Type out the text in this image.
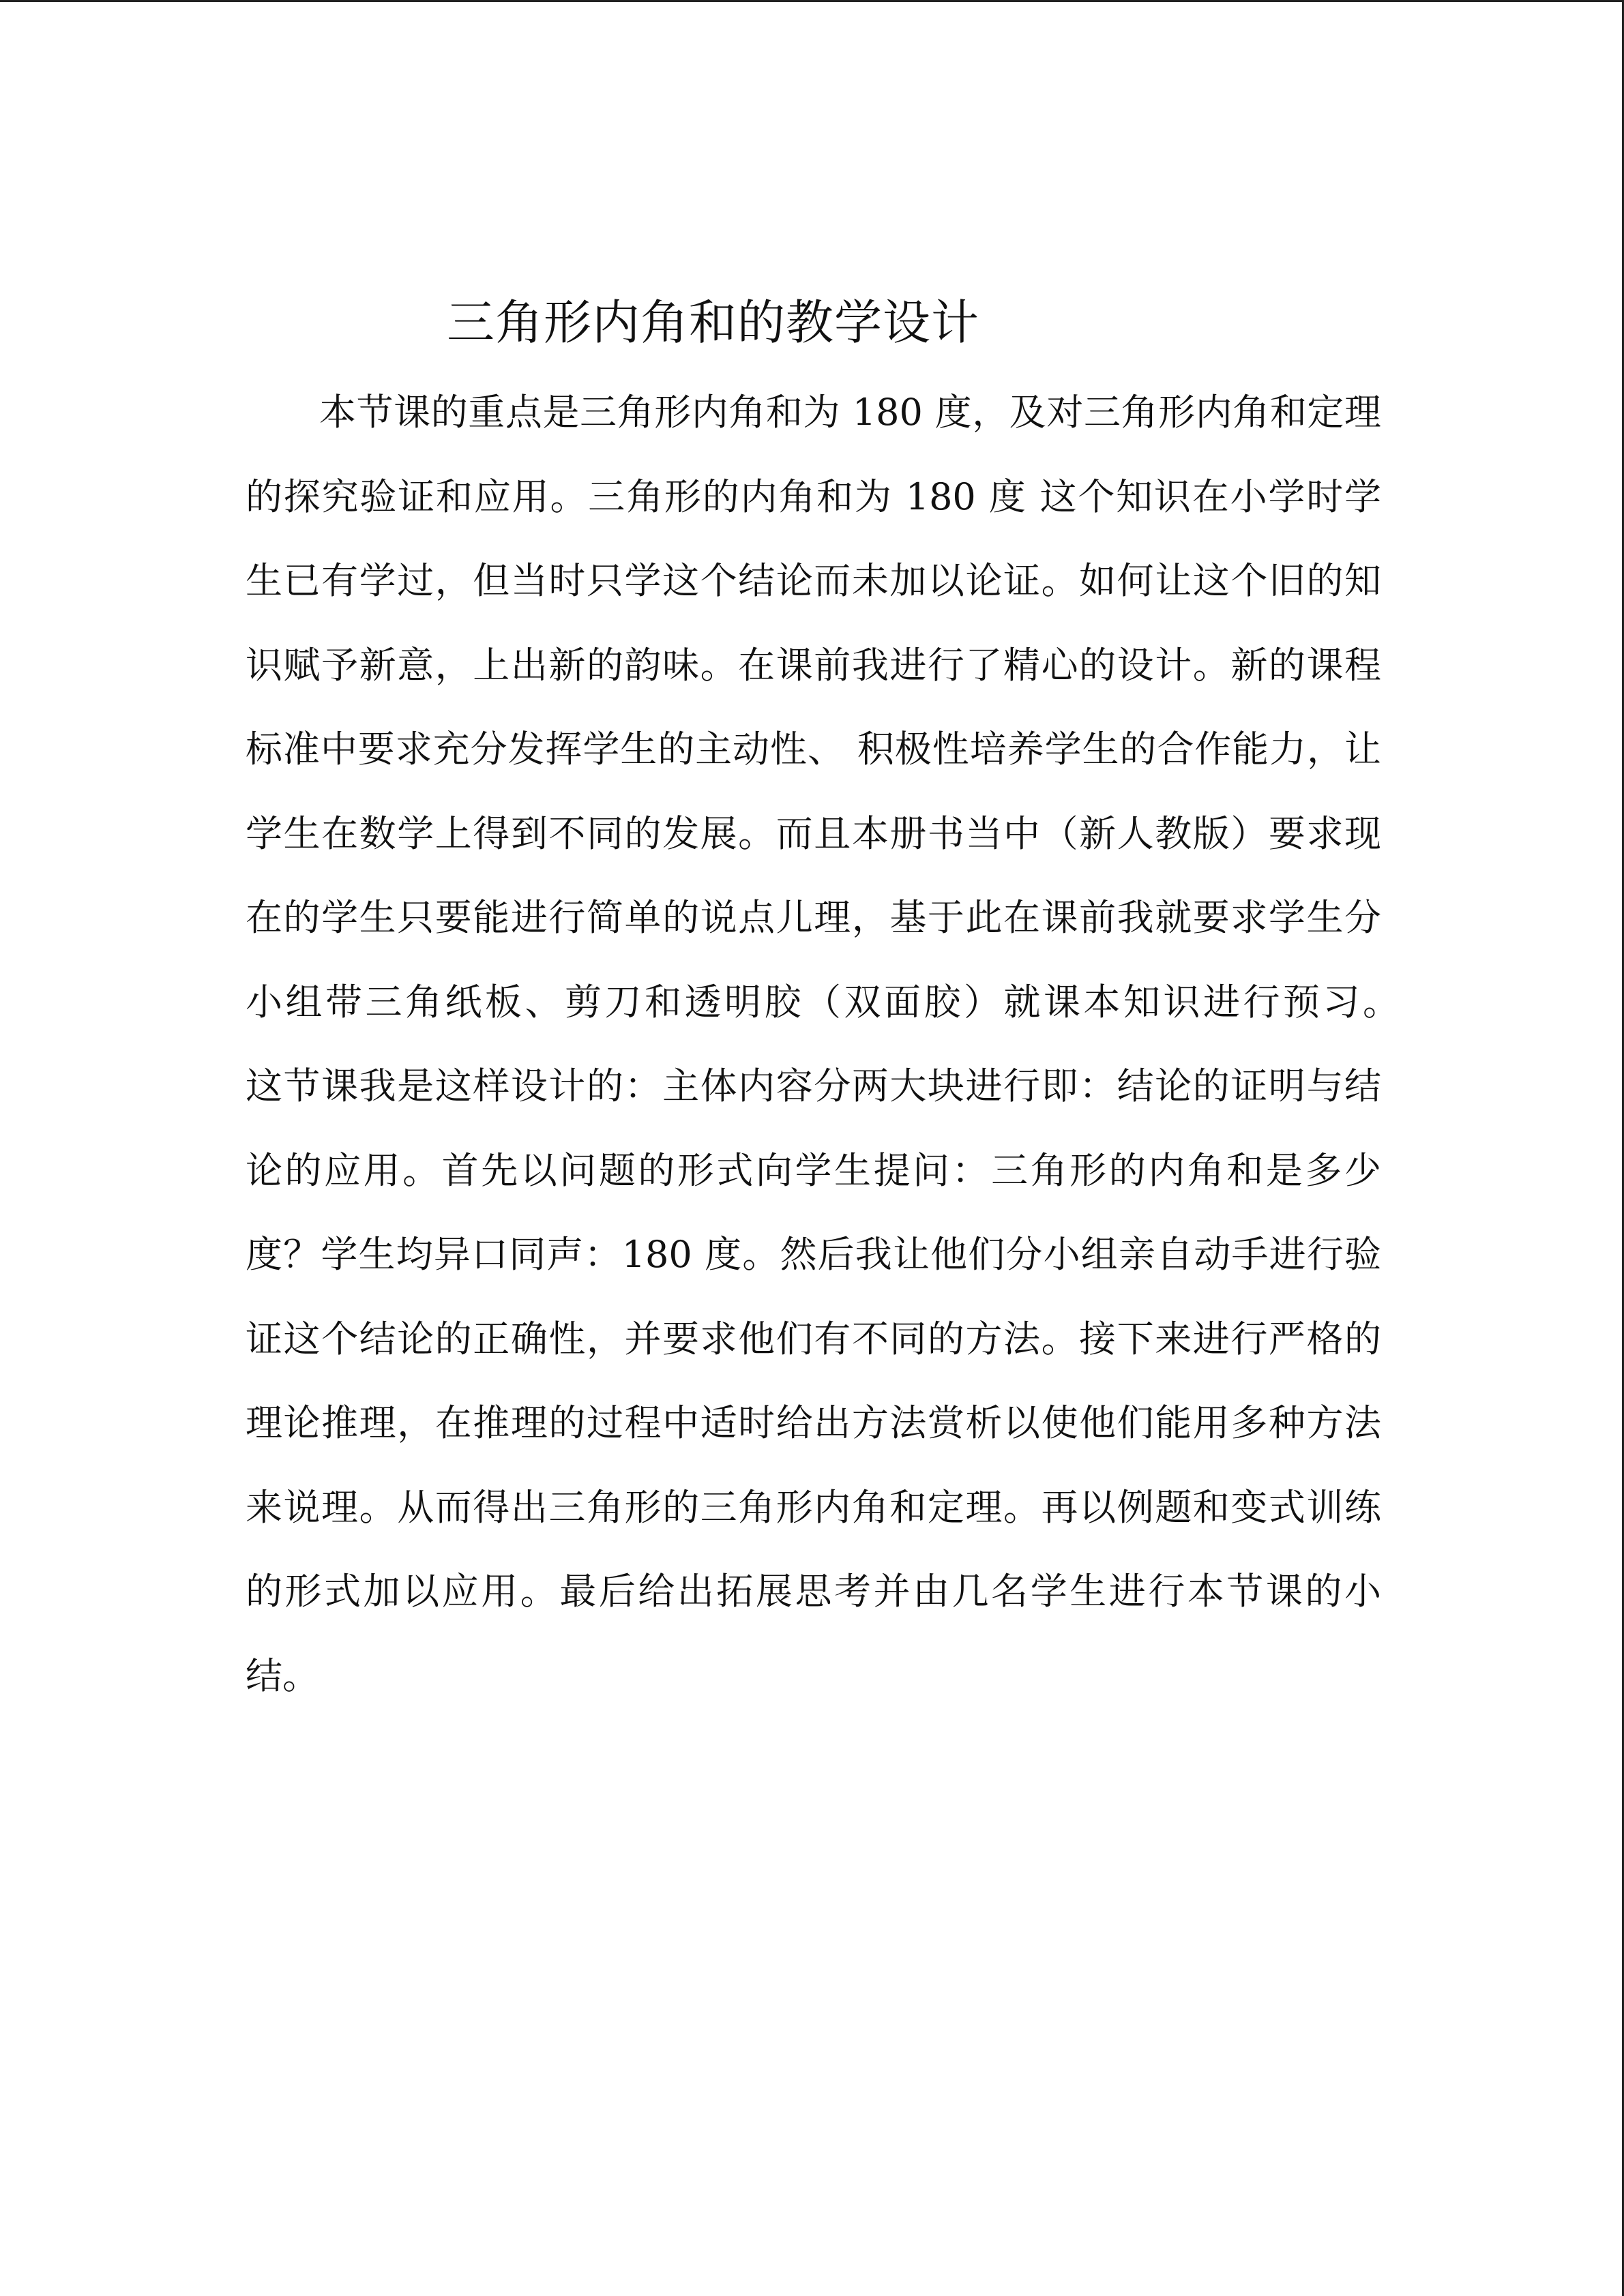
三角形内角和的教学设计

本节课的重点是三角形内角和为 180 度，及对三角形内角和定理的探究验证和应用。三角形的内角和为 180 度 这个知识在小学时学生已有学过，但当时只学这个结论而未加以论证。如何让这个旧的知识赋予新意，上出新的韵味。在课前我进行了精心的设计。新的课程标准中要求充分发挥学生的主动性、 积极性培养学生的合作能力，让学生在数学上得到不同的发展。而且本册书当中（新人教版）要求现在的学生只要能进行简单的说点儿理，基于此在课前我就要求学生分小组带三角纸板、剪刀和透明胶（双面胶）就课本知识进行预习。　　　这节课我是这样设计的：主体内容分两大块进行即：结论的证明与结论的应用。首先以问题的形式向学生提问：三角形的内角和是多少度？学生均异口同声：180 度。然后我让他们分小组亲自动手进行验证这个结论的正确性，并要求他们有不同的方法。接下来进行严格的理论推理，在推理的过程中适时给出方法赏析以使他们能用多种方法来说理。从而得出三角形的三角形内角和定理。再以例题和变式训练的形式加以应用。最后给出拓展思考并由几名学生进行本节课的小结。
